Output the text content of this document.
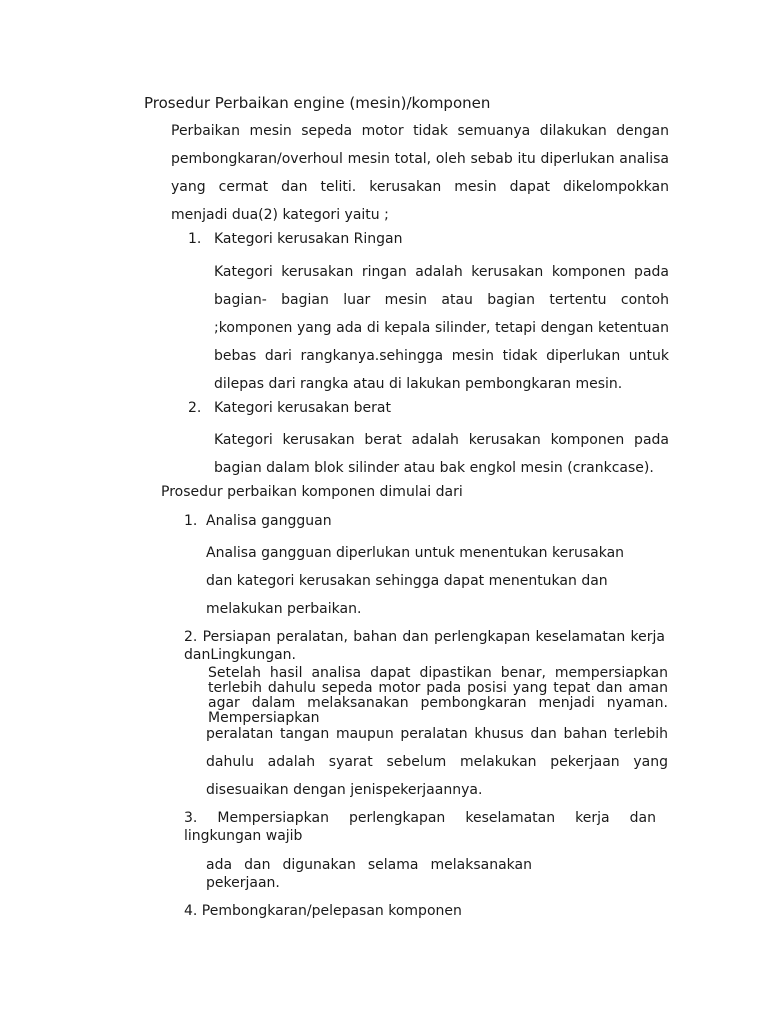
Prosedur Perbaikan engine (mesin)/komponen

Perbaikan mesin sepeda motor tidak semuanya dilakukan dengan pembongkaran/overhoul mesin total, oleh sebab itu diperlukan analisa yang cermat dan teliti. kerusakan mesin dapat dikelompokkan menjadi dua(2) kategori yaitu ;

1. Kategori kerusakan Ringan

Kategori kerusakan ringan adalah kerusakan komponen pada bagian- bagian luar mesin atau bagian tertentu contoh ;komponen yang ada di kepala silinder, tetapi dengan ketentuan bebas dari rangkanya.sehingga mesin tidak diperlukan untuk dilepas dari rangka atau di lakukan pembongkaran mesin.

2. Kategori kerusakan berat

Kategori kerusakan berat adalah kerusakan komponen pada bagian dalam blok silinder atau bak engkol mesin (crankcase).

Prosedur perbaikan komponen dimulai dari

1. Analisa gangguan

Analisa gangguan diperlukan untuk menentukan kerusakan dan kategori kerusakan sehingga dapat menentukan dan melakukan perbaikan.

2. Persiapan peralatan, bahan dan perlengkapan keselamatan kerja danLingkungan.

Setelah hasil analisa dapat dipastikan benar, mempersiapkan terlebih dahulu sepeda motor pada posisi yang tepat dan aman agar dalam melaksanakan pembongkaran menjadi nyaman. Mempersiapkan

peralatan tangan maupun peralatan khusus dan bahan terlebih dahulu adalah syarat sebelum melakukan pekerjaan yang disesuaikan dengan jenispekerjaannya.

3. Mempersiapkan perlengkapan keselamatan kerja dan lingkungan wajib

ada dan digunakan selama melaksanakan pekerjaan.

4. Pembongkaran/pelepasan komponen
